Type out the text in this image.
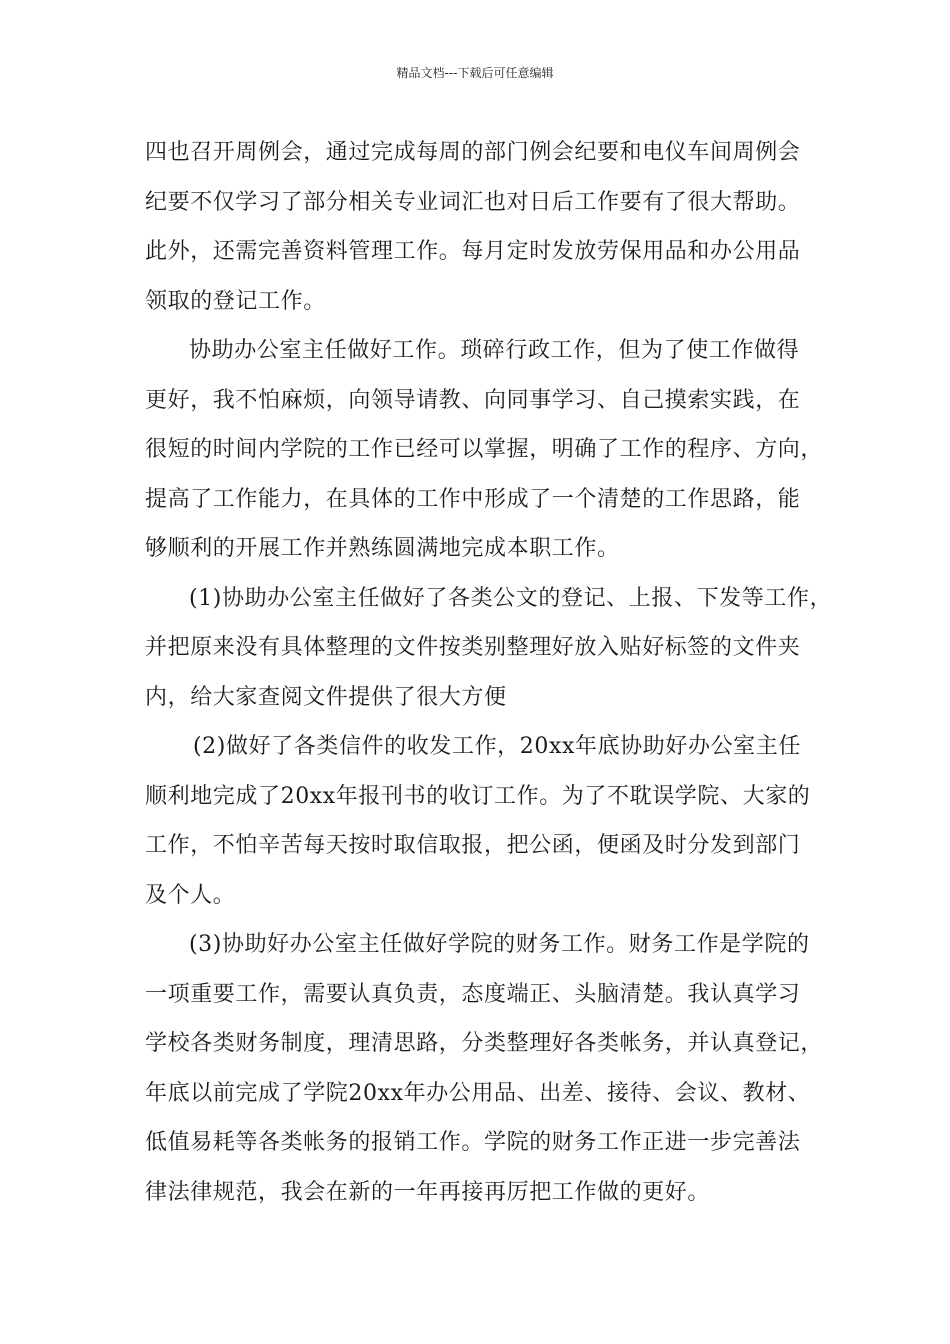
精品文档---下载后可任意编辑
四也召开周例会，通过完成每周的部门例会纪要和电仪车间周例会
纪要不仅学习了部分相关专业词汇也对日后工作要有了很大帮助。
此外，还需完善资料管理工作。每月定时发放劳保用品和办公用品
领取的登记工作。
协助办公室主任做好工作。琐碎行政工作，但为了使工作做得
更好，我不怕麻烦，向领导请教、向同事学习、自己摸索实践，在
很短的时间内学院的工作已经可以掌握，明确了工作的程序、方向，
提高了工作能力，在具体的工作中形成了一个清楚的工作思路，能
够顺利的开展工作并熟练圆满地完成本职工作。
(1)协助办公室主任做好了各类公文的登记、上报、下发等工作，
并把原来没有具体整理的文件按类别整理好放入贴好标签的文件夹
内，给大家查阅文件提供了很大方便
(2)做好了各类信件的收发工作，20xx年底协助好办公室主任
顺利地完成了20xx年报刊书的收订工作。为了不耽误学院、大家的
工作，不怕辛苦每天按时取信取报，把公函，便函及时分发到部门
及个人。
(3)协助好办公室主任做好学院的财务工作。财务工作是学院的
一项重要工作，需要认真负责，态度端正、头脑清楚。我认真学习
学校各类财务制度，理清思路，分类整理好各类帐务，并认真登记，
年底以前完成了学院20xx年办公用品、出差、接待、会议、教材、
低值易耗等各类帐务的报销工作。学院的财务工作正进一步完善法
律法律规范，我会在新的一年再接再厉把工作做的更好。
